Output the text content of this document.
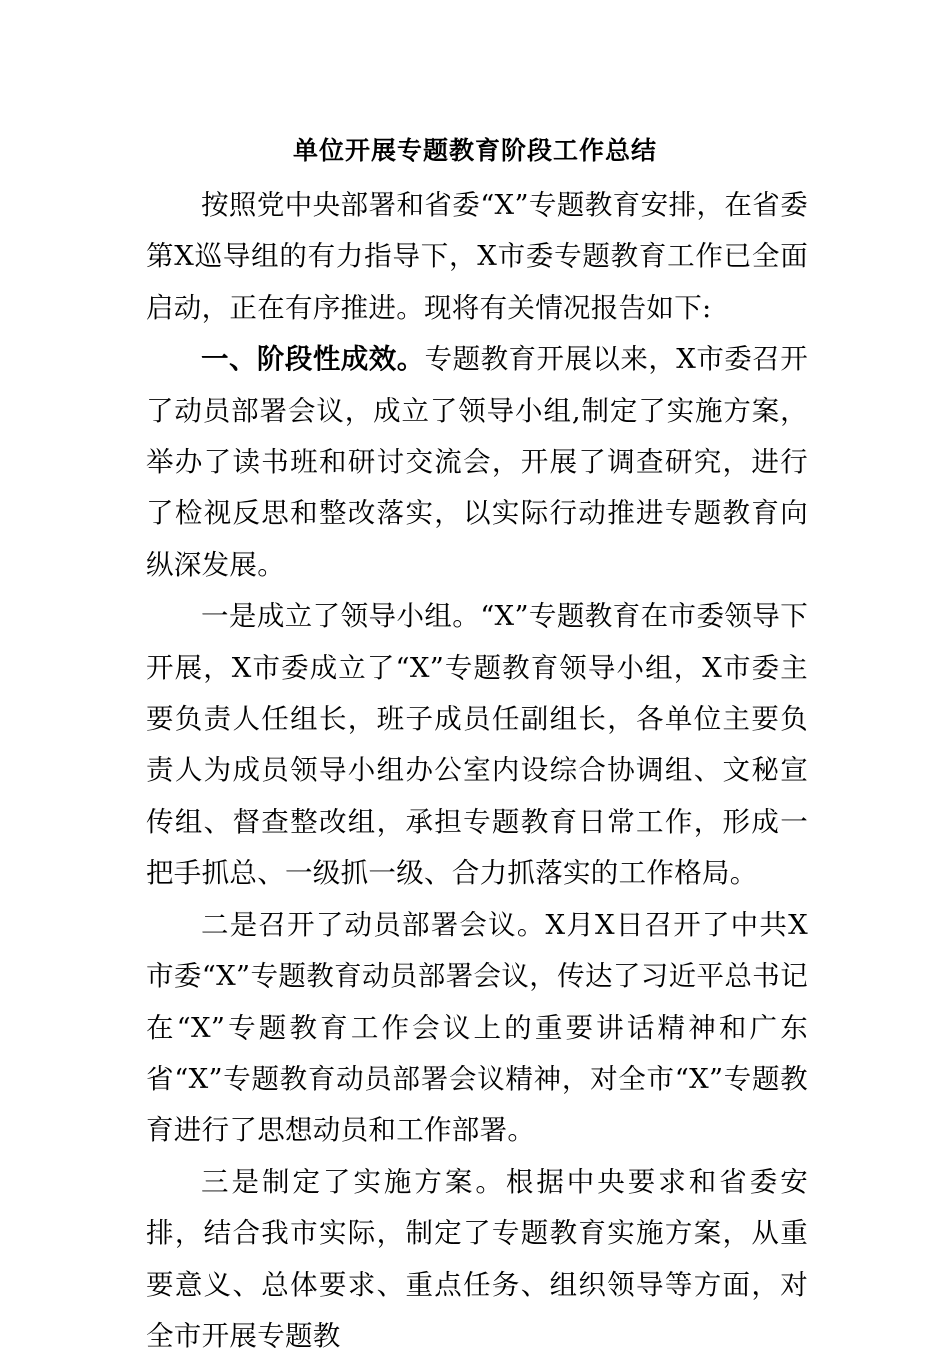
单位开展专题教育阶段工作总结

按照党中央部署和省委“X”专题教育安排，在省委第X巡导组的有力指导下，X市委专题教育工作已全面启动，正在有序推进。现将有关情况报告如下:

一、阶段性成效。专题教育开展以来，X市委召开了动员部署会议，成立了领导小组,制定了实施方案，举办了读书班和研讨交流会，开展了调查研究，进行了检视反思和整改落实，以实际行动推进专题教育向纵深发展。

一是成立了领导小组。“X”专题教育在市委领导下开展，X市委成立了“X”专题教育领导小组，X市委主要负责人任组长，班子成员任副组长，各单位主要负责人为成员领导小组办公室内设综合协调组、文秘宣传组、督查整改组，承担专题教育日常工作，形成一把手抓总、一级抓一级、合力抓落实的工作格局。

二是召开了动员部署会议。X月X日召开了中共X市委“X”专题教育动员部署会议，传达了习近平总书记在“X”专题教育工作会议上的重要讲话精神和广东省“X”专题教育动员部署会议精神，对全市“X”专题教育进行了思想动员和工作部署。

三是制定了实施方案。根据中央要求和省委安排，结合我市实际，制定了专题教育实施方案，从重要意义、总体要求、重点任务、组织领导等方面，对全市开展专题教
